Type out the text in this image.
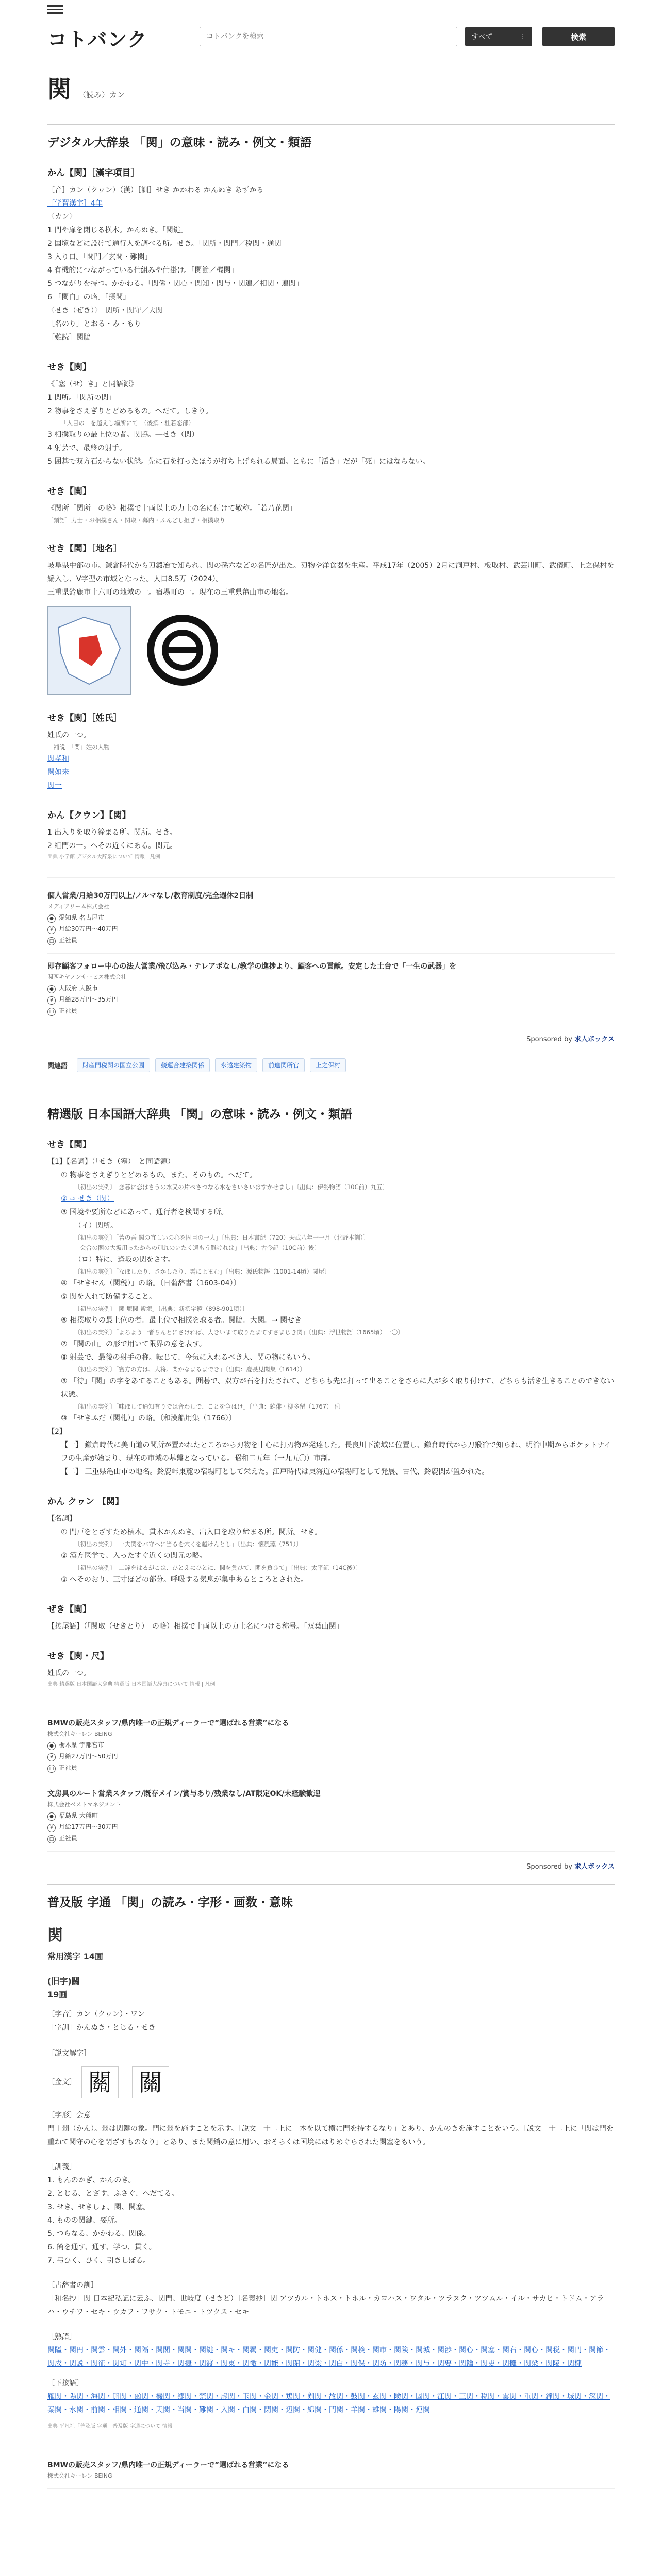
コトバンク
コトバンクを検索	すべて	⋮	検索
関 （読み）カン
デジタル大辞泉 「関」の意味・読み・例文・類語
かん【関】［漢字項目］
［音］カン（クヮン）（漢）［訓］せき かかわる かんぬき あずかる
［学習漢字］4年
〈カン〉
1 門や扉を閉じる横木。かんぬき。「関鍵」
2 国境などに設けて通行人を調べる所。せき。「関所・関門／税関・通関」
3 入り口。「関門／玄関・難関」
4 有機的につながっている仕組みや仕掛け。「関節／機関」
5 つながりを持つ。かかわる。「関係・関心・関知・関与・関連／相関・連関」
6 「関白」の略。「摂関」
〈せき（ぜき）〉「関所・関守／大関」
［名のり］とおる・み・もり
［難読］関脇
せき【関】
《「塞（せ）き」と同語源》
1 関所。「関所の関」
2 物事をさえぎりとどめるもの。へだて。しきり。
「人目の―を越えし場所にて」（後撰・杜若恋部）
3 相撲取りの最上位の者。関脇。―せき（関）
4 射芸で、最終の射手。
5 囲碁で双方石からない状態。先に石を打ったほうが打ち上げられる局面。ともに「活き」だが「死」にはならない。
せき【関】
《関所「関所」の略》相撲で十両以上の力士の名に付けて敬称。「若乃花関」
［類語］力士・お相撲さん・関取・幕内・ふんどし担ぎ・相撲取り
せき【関】［地名］
岐阜県中部の市。鎌倉時代から刀鍛冶で知られ、関の孫六などの名匠が出た。刃物や洋食器を生産。平成17年（2005）2月に洞戸村、板取村、武芸川町、武儀町、上之保村を編入し、V字型の市域となった。人口8.5万（2024）。
三重県鈴鹿市十六町の地域の一。宿場町の一。現在の三重県亀山市の地名。
せき【関】［姓氏］
姓氏の一つ。
［補説］「関」姓の人物
関孝和
関如来
関一
かん【クウン】【関】
1 出入りを取り締まる所。関所。せき。
2 組門の一。へその近くにある。関元。
出典 小学館 デジタル大辞泉について 情報 | 凡例
個人営業/月給30万円以上/ノルマなし/教育制度/完全週休2日制
メディアリーム株式会社
● 愛知県 名古屋市
¥ 月給30万円〜40万円
□ 正社員
即存顧客フォロー中心の法人営業/飛び込み・テレアポなし/教学の進捗より、顧客への貢献。安定した土台で「一生の武器」を
関西キヤノンサービス株式会社
● 大阪府 大阪市
¥ 月給28万円〜35万円
□ 正社員
Sponsored by 求人ボックス
関連語	財産門税関の国立公園	競運合建築関係	永遠建築物	前進関所官	上之保村
精選版 日本国語大辞典 「関」の意味・読み・例文・類語
せき【関】
【1】【名詞】（「せき（塞）」と同語源）
① 物事をさえぎりとどめるもの。また、そのもの。へだて。
〔初出の実例〕「恋暮に恋はさうの水又の片べさつなる水をさいさいはすかせまし」〔出典：伊勢物語（10C前）九五〕
② ⇨ せき（関）
③ 国境や要所などにあって、通行者を検問する所。
（イ）関所。
〔初出の実例〕「若の吾 関の宜しいの心を固目の一人」〔出典：日本書紀（720）天武八年一一月（北野本訓）〕
「会合の関の大坂用ったからの別れのいたく遠もう難けれは」〔出典：古今記（10C前）後〕
（ロ）特に、逢坂の関をさす。
〔初出の実例〕「なほしたり、さかしたり、雲によまむ」〔出典：源氏物語（1001-14頃）関屋〕
④ 「せきせん（関税）」の略。〔日葡辞書（1603-04）〕
⑤ 関を入れて防備すること。
〔初出の実例〕「関 堰関 紫堰」〔出典：新撰字鏡（898-901頃）〕
⑥ 相撲取りの最上位の者。最上位で相撲を取る者。関脇。大関。→ 関せき
〔初出の実例〕「よろよう一者ちんとにさければ、大きいまて取りたまてすさまじき関」〔出典：浮世物語（1665頃）一〇〕
⑦ 「関の山」の形で用いて限界の意を表す。
⑧ 射芸で、最後の射手の称。転じて、今気に入れるべき人、関の物にもいう。
〔初出の実例〕「賓方の方は、大将。関かなまるまでき」〔出典：慶長見聞集（1614）〕
⑨ 「待」「関」の字をあてることもある。囲碁で、双方が石を打たされて、どちらも先に打って出ることをさらに人が多く取り付けて、どちらも活き生きることのできない状態。
〔初出の実例〕「味ほして通知有りでは合わしで、ことを争はけ」〔出典：雑俳・柳多留（1767）下〕
⑩ 「せきふだ（関札）」の略。〔和漢船用集（1766）〕
【2】
【一】 鎌倉時代に美山道の関所が置かれたところから刃物を中心に打刃物が発達した。長良川下流域に位置し、鎌倉時代から刀鍛冶で知られ、明治中期からポケットナイフの生産が始まり、現在の市域の基盤となっている。昭和二五年（一九五〇）市制。
【二】 三重県亀山市の地名。鈴鹿峠東麓の宿場町として栄えた。江戸時代は東海道の宿場町として発展、古代、鈴鹿関が置かれた。
かん クヮン 【関】
【名詞】
① 門戸をとざすため横木。貫木かんぬき。出入口を取り締まる所。関所。せき。
〔初出の実例〕「一夫関をバ守ヘに当るを穴くを越けんとし」〔出典：懐風藻（751）〕
② 漢方医学で、入ったすぐ近くの関元の略。
〔初出の実例〕「二辞をはるがこは、ひとえにひとに、関を負ひて、関を負ひて」〔出典：太平記（14C後）〕
③ へそのおり、三寸ほどの部分。呼吸する気息が集中あるところとされた。
ぜき【関】
【接尾語】（「関取（せきとり）」の略）相撲で十両以上の力士名につける称号。「双葉山関」
せき【関・尺】
姓氏の一つ。
出典 精選版 日本国語大辞典 精選版 日本国語大辞典について 情報 | 凡例
BMWの販売スタッフ/県内唯一の正規ディーラーで”選ばれる営業”になる
株式会社キーレン BEING
● 栃木県 宇都宮市
¥ 月給27万円〜50万円
□ 正社員
文房具のルート営業スタッフ/既存メイン/賞与あり/残業なし/AT限定OK/未経験歓迎
株式会社ベストマネジメント
● 福島県 大熊町
¥ 月給17万円〜30万円
□ 正社員
Sponsored by 求人ボックス
普及版 字通 「関」の読み・字形・画数・意味
関
常用漢字 14画
(旧字)關
19画
［字音］カン（クヮン）・ワン
［字訓］かんぬき・とじる・せき
［説文解字］
［金文］ 關 關
［字形］会意
門＋𢇍（かん）。𢇍は関鍵の象。門に𢇍を施すことを示す。［説文］十二上に「木を以て横に門を持するなり」とあり、かんのきを施すことをいう。［説文］十二上に「関は門を重ねて関守の心を閉ざすものなり」とあり、また関銷の意に用い、おそらくは国境にはりめぐらされた関塞をもいう。
［訓義］
1. もんのかぎ、かんのき。
2. とじる、とざす、ふさぐ、へだてる。
3. せき、せきしょ、関、関塞。
4. ものの関鍵、要所。
5. つらなる、かかわる、関係。
6. 簡を通す、通す、学つ、貫く。
7. 弓ひく、ひく、引きしぼる。
［古辞書の訓］
［和名抄］関 日本紀私記に云ふ、関門、世岐度（せきど）［名義抄］関 アツカル・トホス・トホル・カヨハス・ワタル・ツラヌク・ツツムル・イル・サカヒ・トドム・アラハ・ウチワ・セキ・ウカフ・フサク・トモニ・トツクス・セキ
［熟語］
関隘・関円・関雲・関外・関隔・関閣・関関・関鍵・関キ・関羈・関吏・関防・関健・関係・関検・関市・関険・関城・関渉・関心・関塞・関右・関心・関税・関門・関節・関戍・関説・関征・関知・関中・関寺・関捷・関渡・関東・関徼・関能・関閉・関梁・関白・関保・関防・関務・関与・関要・関鑰・関吏・関攤・関梁・関陵・関櫳
［下接語］
雁関・陽関・海関・開関・函関・機関・郷関・禁関・虚関・玉関・金関・鶏関・剣関・故関・鼓関・玄関・険関・固関・江関・三関・税関・雲関・重関・鐘関・城関・深関・秦関・水関・前関・相関・通関・天関・当関・難関・入関・白関・閉関・辺関・綿関・門関・羊関・雄関・陽関・連関
出典 平凡社「普及版 字通」普及版 字通について 情報
BMWの販売スタッフ/県内唯一の正規ディーラーで”選ばれる営業”になる
株式会社キーレン BEING
